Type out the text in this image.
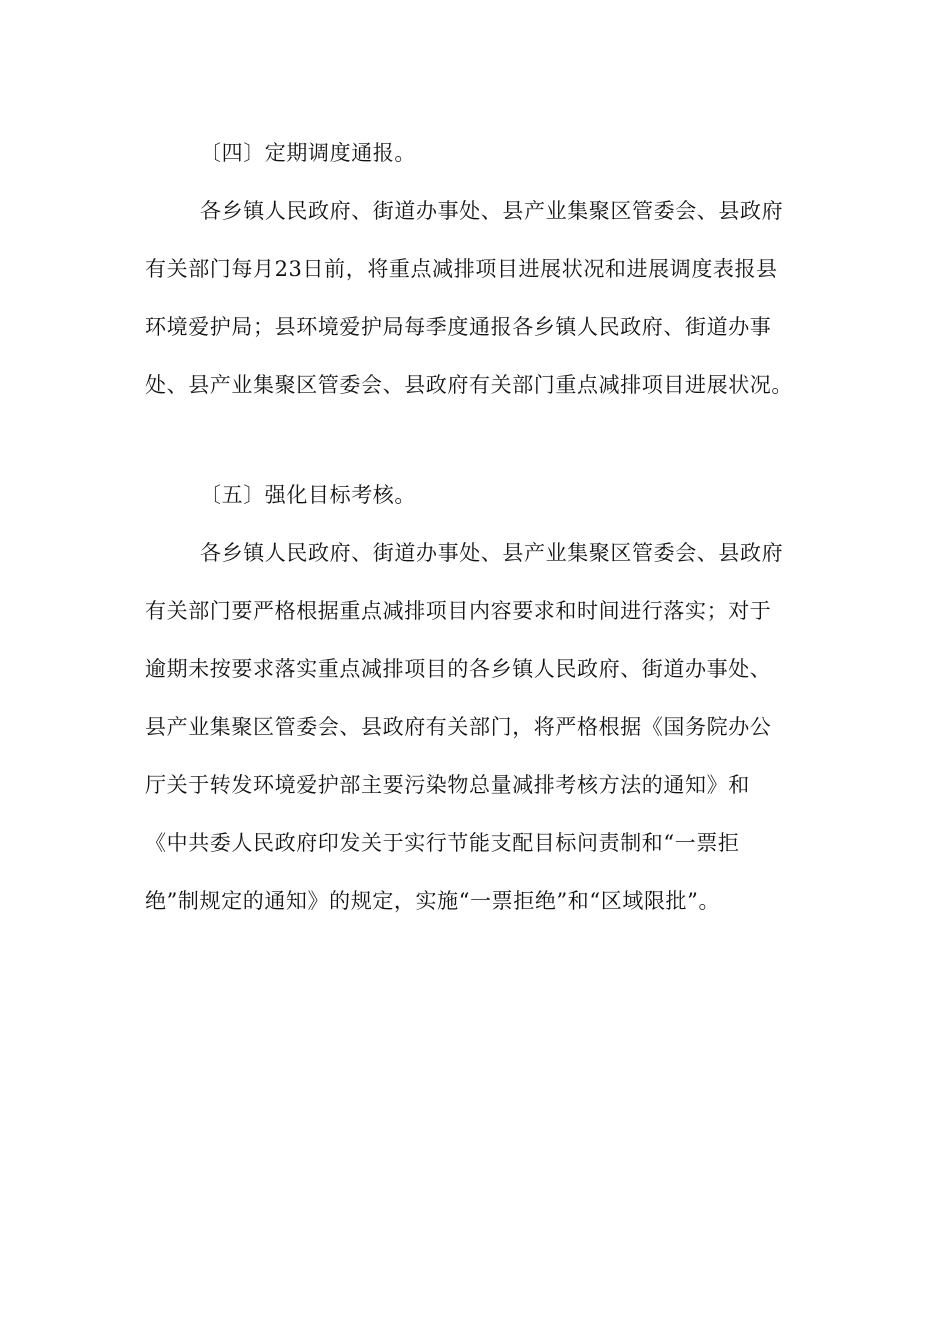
〔四〕定期调度通报。
各乡镇人民政府、街道办事处、县产业集聚区管委会、县政府
有关部门每月23日前，将重点减排项目进展状况和进展调度表报县
环境爱护局；县环境爱护局每季度通报各乡镇人民政府、街道办事
处、县产业集聚区管委会、县政府有关部门重点减排项目进展状况。
〔五〕强化目标考核。
各乡镇人民政府、街道办事处、县产业集聚区管委会、县政府
有关部门要严格根据重点减排项目内容要求和时间进行落实；对于
逾期未按要求落实重点减排项目的各乡镇人民政府、街道办事处、
县产业集聚区管委会、县政府有关部门，将严格根据《国务院办公
厅关于转发环境爱护部主要污染物总量减排考核方法的通知》和
《中共委人民政府印发关于实行节能支配目标问责制和“一票拒
绝”制规定的通知》的规定，实施“一票拒绝”和“区域限批”。
